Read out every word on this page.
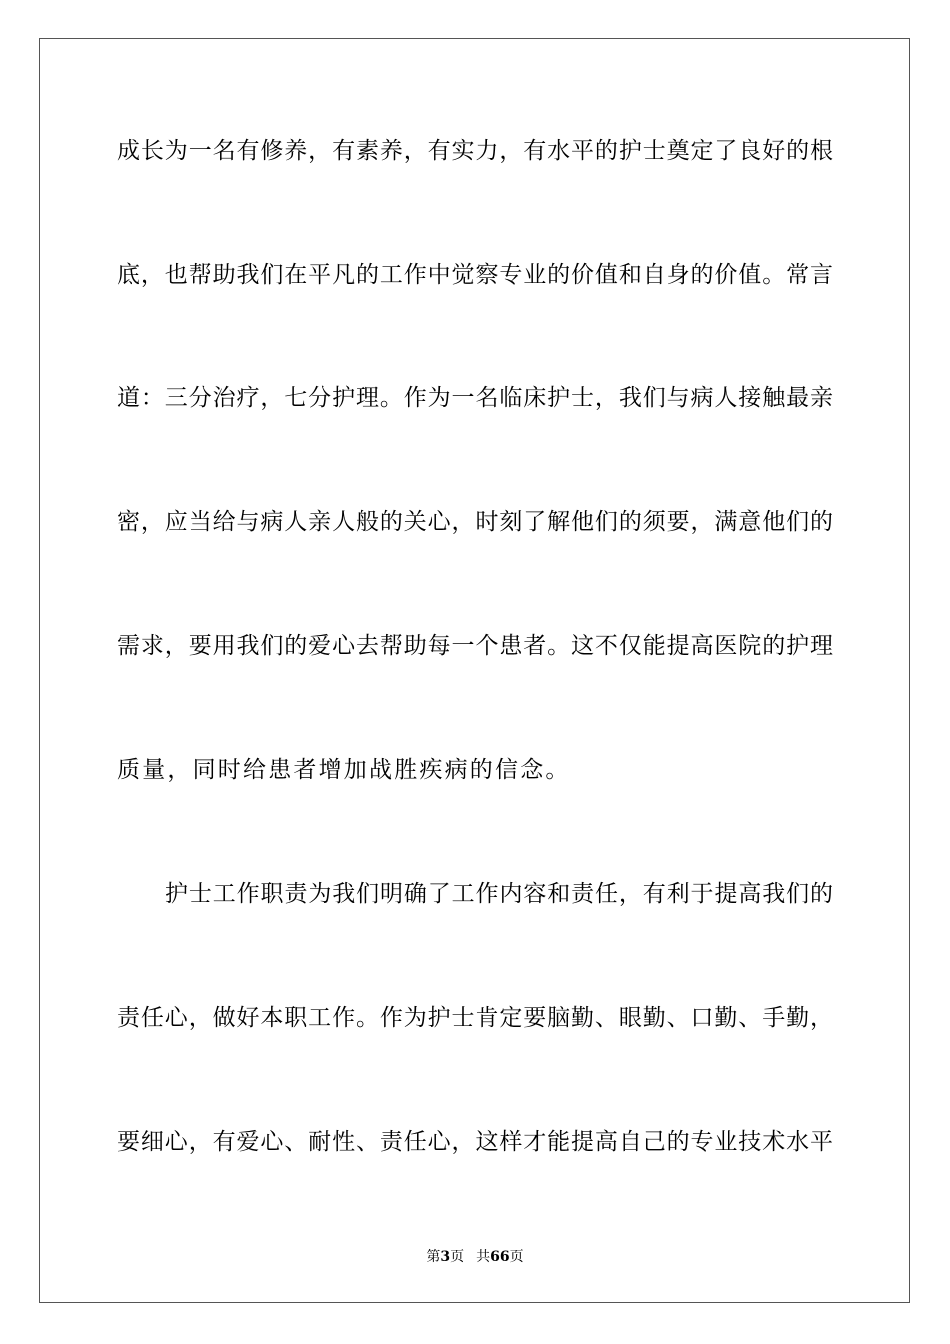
成长为一名有修养，有素养，有实力，有水平的护士奠定了良好的根
底，也帮助我们在平凡的工作中觉察专业的价值和自身的价值。常言
道：三分治疗，七分护理。作为一名临床护士，我们与病人接触最亲
密，应当给与病人亲人般的关心，时刻了解他们的须要，满意他们的
需求，要用我们的爱心去帮助每一个患者。这不仅能提高医院的护理
质量，同时给患者增加战胜疾病的信念。
护士工作职责为我们明确了工作内容和责任，有利于提高我们的
责任心，做好本职工作。作为护士肯定要脑勤、眼勤、口勤、手勤，
要细心，有爱心、耐性、责任心，这样才能提高自己的专业技术水平
第3页 共66页
